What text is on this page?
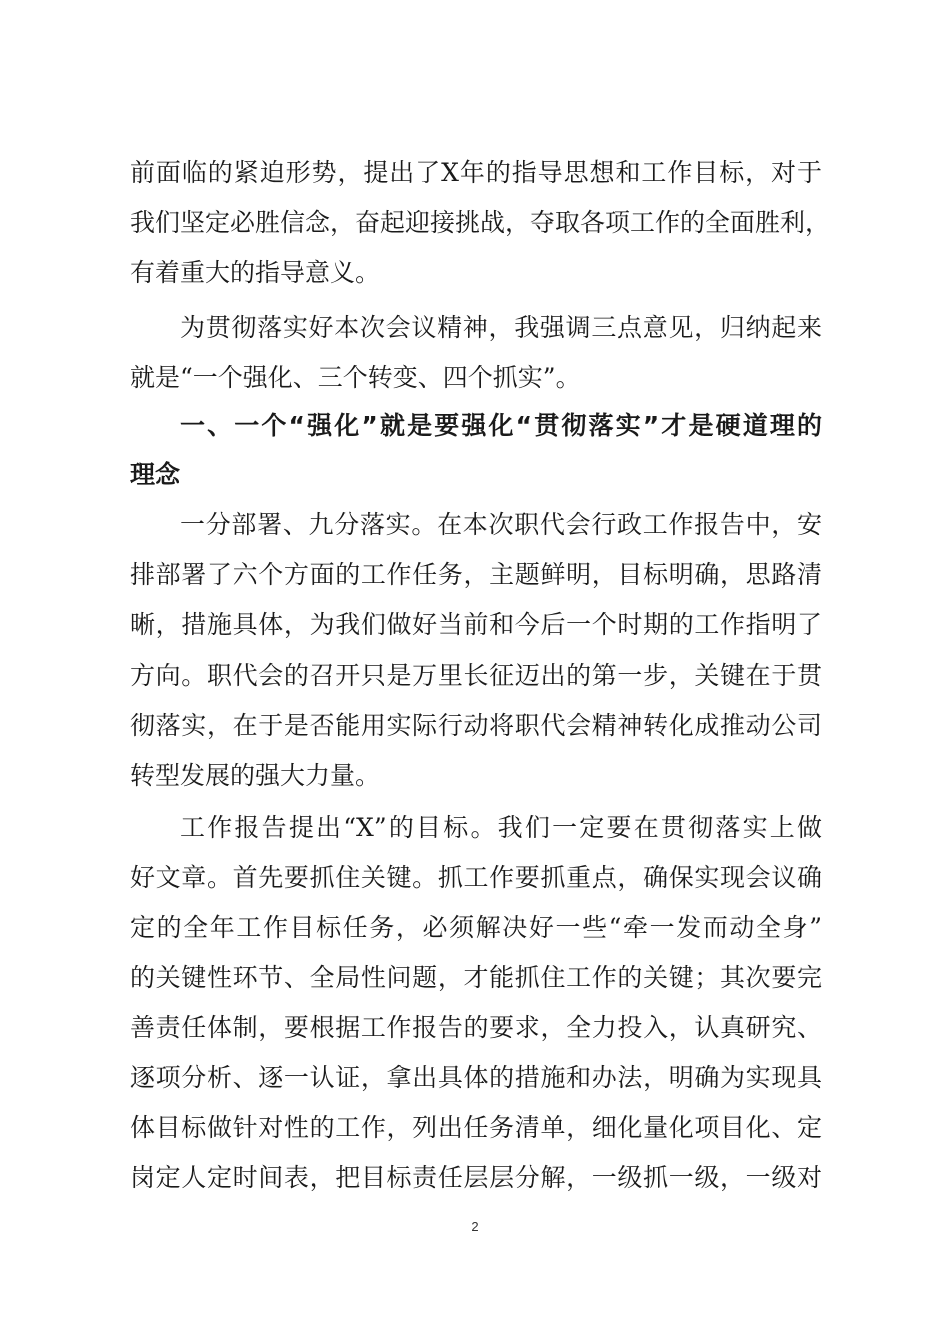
前面临的紧迫形势，提出了X年的指导思想和工作目标，对于
我们坚定必胜信念，奋起迎接挑战，夺取各项工作的全面胜利，
有着重大的指导意义。
为贯彻落实好本次会议精神，我强调三点意见，归纳起来
就是“一个强化、三个转变、四个抓实”。
一、一个“强化”就是要强化“贯彻落实”才是硬道理的
理念
一分部署、九分落实。在本次职代会行政工作报告中，安
排部署了六个方面的工作任务，主题鲜明，目标明确，思路清
晰，措施具体，为我们做好当前和今后一个时期的工作指明了
方向。职代会的召开只是万里长征迈出的第一步，关键在于贯
彻落实，在于是否能用实际行动将职代会精神转化成推动公司
转型发展的强大力量。
工作报告提出“X”的目标。我们一定要在贯彻落实上做
好文章。首先要抓住关键。抓工作要抓重点，确保实现会议确
定的全年工作目标任务，必须解决好一些“牵一发而动全身”
的关键性环节、全局性问题，才能抓住工作的关键；其次要完
善责任体制，要根据工作报告的要求，全力投入，认真研究、
逐项分析、逐一认证，拿出具体的措施和办法，明确为实现具
体目标做针对性的工作，列出任务清单，细化量化项目化、定
岗定人定时间表，把目标责任层层分解，一级抓一级，一级对
2
